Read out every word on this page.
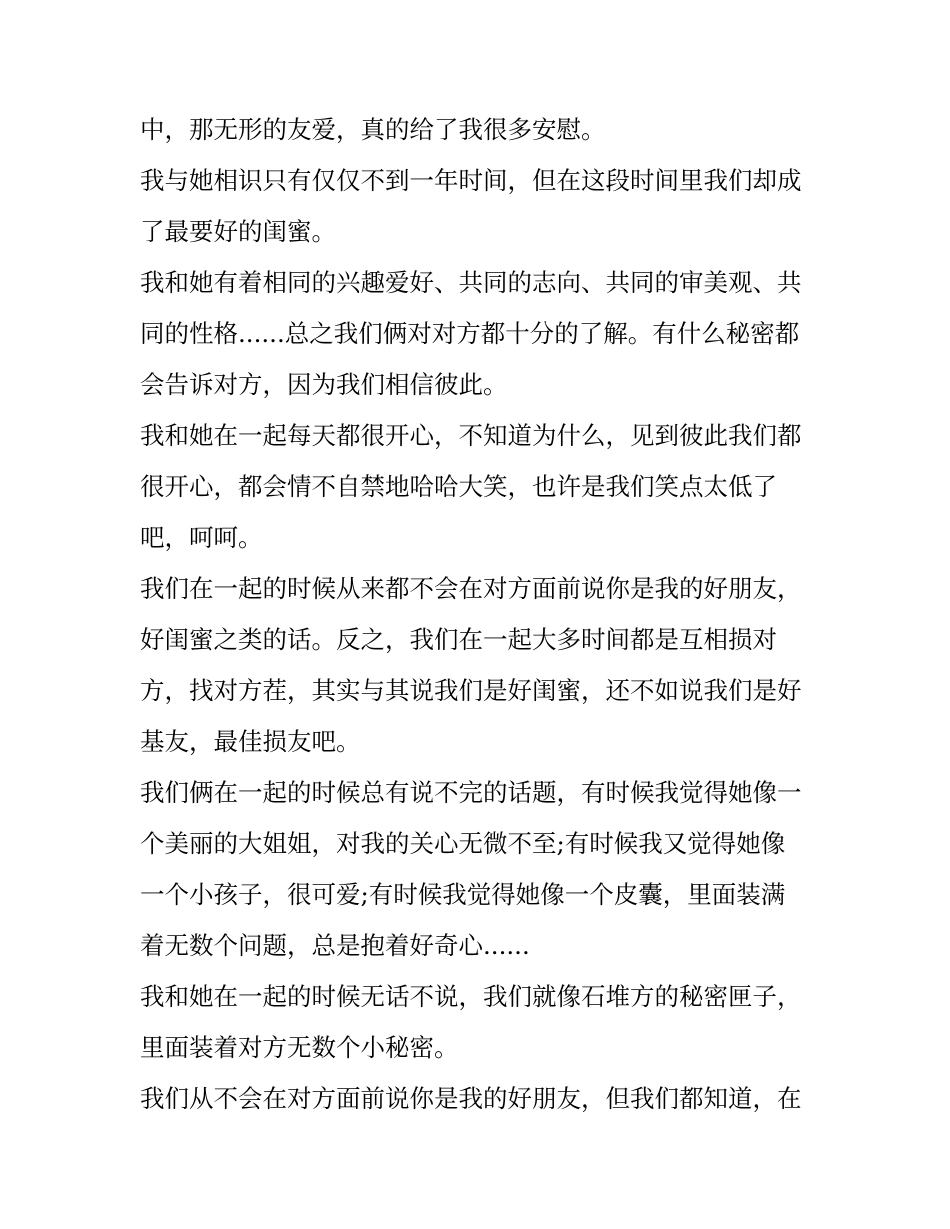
中，那无形的友爱，真的给了我很多安慰。
我与她相识只有仅仅不到一年时间，但在这段时间里我们却成
了最要好的闺蜜。
我和她有着相同的兴趣爱好、共同的志向、共同的审美观、共
同的性格......总之我们俩对对方都十分的了解。有什么秘密都
会告诉对方，因为我们相信彼此。
我和她在一起每天都很开心，不知道为什么，见到彼此我们都
很开心，都会情不自禁地哈哈大笑，也许是我们笑点太低了
吧，呵呵。
我们在一起的时候从来都不会在对方面前说你是我的好朋友，
好闺蜜之类的话。反之，我们在一起大多时间都是互相损对
方，找对方茬，其实与其说我们是好闺蜜，还不如说我们是好
基友，最佳损友吧。
我们俩在一起的时候总有说不完的话题，有时候我觉得她像一
个美丽的大姐姐，对我的关心无微不至;有时候我又觉得她像
一个小孩子，很可爱;有时候我觉得她像一个皮囊，里面装满
着无数个问题，总是抱着好奇心......
我和她在一起的时候无话不说，我们就像石堆方的秘密匣子，
里面装着对方无数个小秘密。
我们从不会在对方面前说你是我的好朋友，但我们都知道，在
